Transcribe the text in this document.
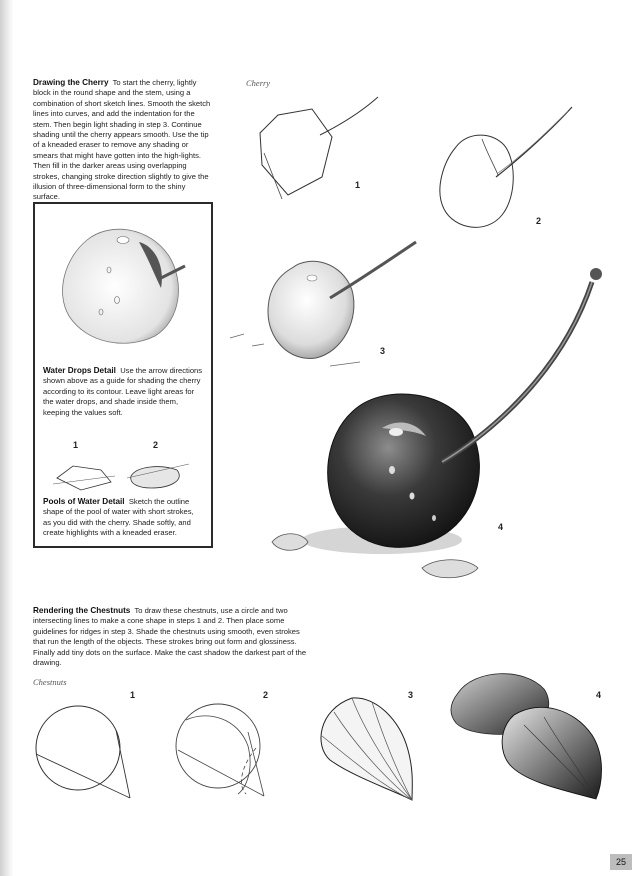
Drawing the Cherry To start the cherry, lightly block in the round shape and the stem, using a combination of short sketch lines. Smooth the sketch lines into curves, and add the indentation for the stem. Then begin light shading in step 3. Continue shading until the cherry appears smooth. Use the tip of a kneaded eraser to remove any shading or smears that might have gotten into the high-lights. Then fill in the darker areas using overlapping strokes, changing stroke direction slightly to give the illusion of three-dimensional form to the shiny surface.

Cherry
1
2
3
4

Water Drops Detail Use the arrow directions shown above as a guide for shading the cherry according to its contour. Leave light areas for the water drops, and shade inside them, keeping the values soft.

1	2

Pools of Water Detail Sketch the outline shape of the pool of water with short strokes, as you did with the cherry. Shade softly, and create highlights with a kneaded eraser.

Rendering the Chestnuts To draw these chestnuts, use a circle and two intersecting lines to make a cone shape in steps 1 and 2. Then place some guidelines for ridges in step 3. Shade the chestnuts using smooth, even strokes that run the length of the objects. These strokes bring out form and glossiness. Finally add tiny dots on the surface. Make the cast shadow the darkest part of the drawing.

Chestnuts
1	2	3	4
25
